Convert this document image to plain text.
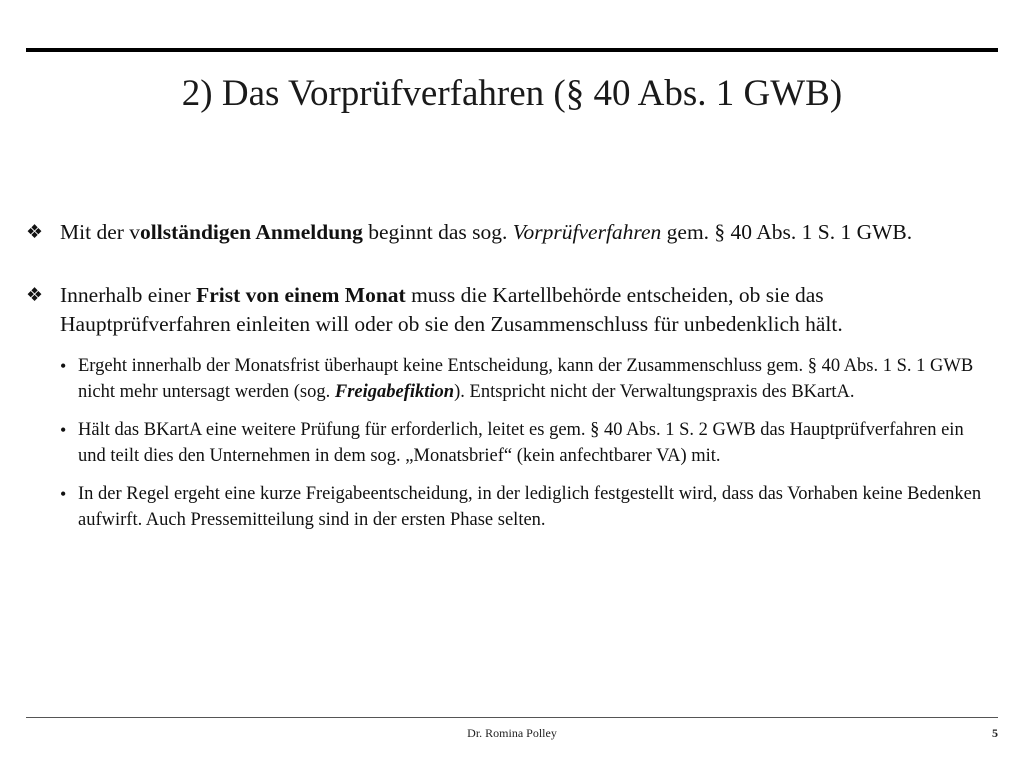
2) Das Vorprüfverfahren (§ 40 Abs. 1 GWB)
❖ Mit der vollständigen Anmeldung beginnt das sog. Vorprüfverfahren gem. § 40 Abs. 1 S. 1 GWB.
❖ Innerhalb einer Frist von einem Monat muss die Kartellbehörde entscheiden, ob sie das Hauptprüfverfahren einleiten will oder ob sie den Zusammenschluss für unbedenklich hält.
• Ergeht innerhalb der Monatsfrist überhaupt keine Entscheidung, kann der Zusammenschluss gem. § 40 Abs. 1 S. 1 GWB nicht mehr untersagt werden (sog. Freigabefiktion). Entspricht nicht der Verwaltungspraxis des BKartA.
• Hält das BKartA eine weitere Prüfung für erforderlich, leitet es gem. § 40 Abs. 1 S. 2 GWB das Hauptprüfverfahren ein und teilt dies den Unternehmen in dem sog. „Monatsbrief“ (kein anfechtbarer VA) mit.
• In der Regel ergeht eine kurze Freigabeentscheidung, in der lediglich festgestellt wird, dass das Vorhaben keine Bedenken aufwirft. Auch Pressemitteilung sind in der ersten Phase selten.
Dr. Romina Polley	5
